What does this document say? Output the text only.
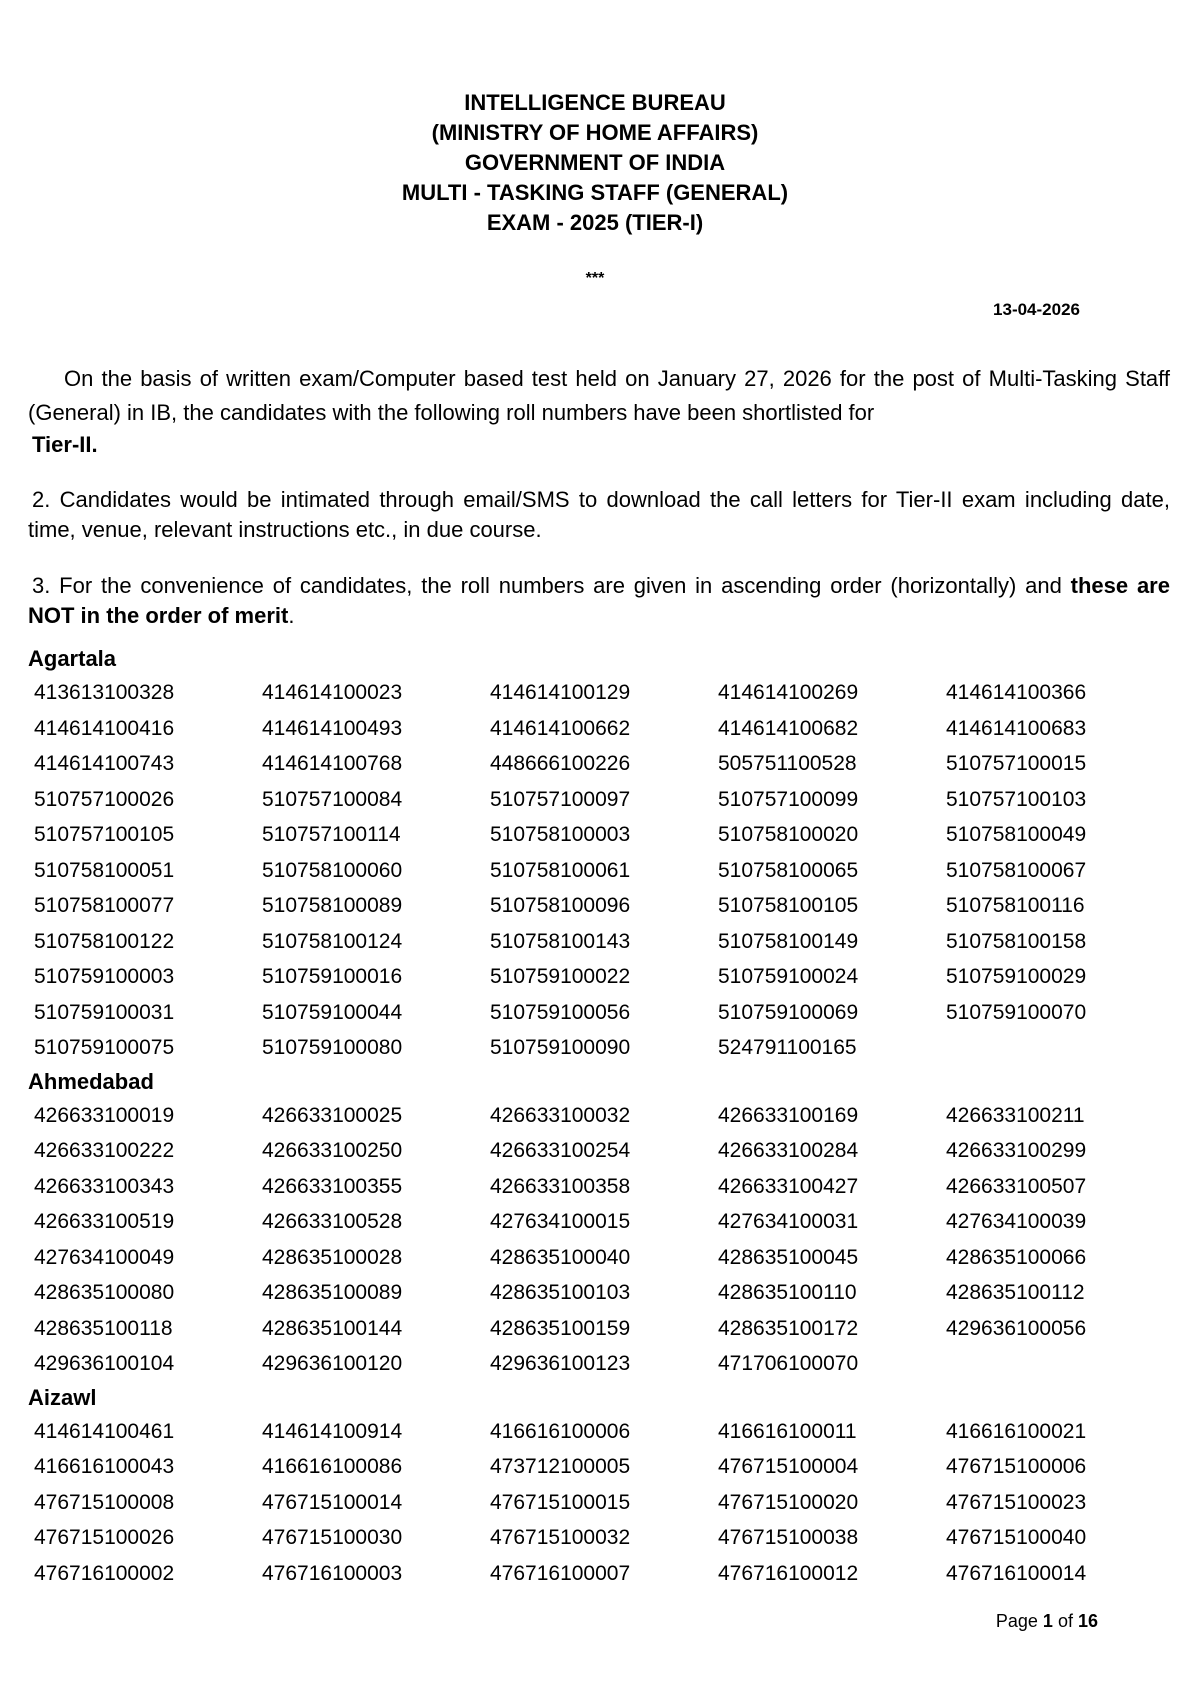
INTELLIGENCE BUREAU
(MINISTRY OF HOME AFFAIRS)
GOVERNMENT OF INDIA
MULTI - TASKING STAFF (GENERAL)
EXAM - 2025 (TIER-I)
***
13-04-2026
On the basis of written exam/Computer based test held on January 27, 2026 for the post of Multi-Tasking Staff (General) in IB, the candidates with the following roll numbers have been shortlisted for
Tier-II.
2. Candidates would be intimated through email/SMS to download the call letters for Tier-II exam including date, time, venue, relevant instructions etc., in due course.
3. For the convenience of candidates, the roll numbers are given in ascending order (horizontally) and these are NOT in the order of merit.
Agartala
413613100328	414614100023	414614100129	414614100269	414614100366
414614100416	414614100493	414614100662	414614100682	414614100683
414614100743	414614100768	448666100226	505751100528	510757100015
510757100026	510757100084	510757100097	510757100099	510757100103
510757100105	510757100114	510758100003	510758100020	510758100049
510758100051	510758100060	510758100061	510758100065	510758100067
510758100077	510758100089	510758100096	510758100105	510758100116
510758100122	510758100124	510758100143	510758100149	510758100158
510759100003	510759100016	510759100022	510759100024	510759100029
510759100031	510759100044	510759100056	510759100069	510759100070
510759100075	510759100080	510759100090	524791100165
Ahmedabad
426633100019	426633100025	426633100032	426633100169	426633100211
426633100222	426633100250	426633100254	426633100284	426633100299
426633100343	426633100355	426633100358	426633100427	426633100507
426633100519	426633100528	427634100015	427634100031	427634100039
427634100049	428635100028	428635100040	428635100045	428635100066
428635100080	428635100089	428635100103	428635100110	428635100112
428635100118	428635100144	428635100159	428635100172	429636100056
429636100104	429636100120	429636100123	471706100070
Aizawl
414614100461	414614100914	416616100006	416616100011	416616100021
416616100043	416616100086	473712100005	476715100004	476715100006
476715100008	476715100014	476715100015	476715100020	476715100023
476715100026	476715100030	476715100032	476715100038	476715100040
476716100002	476716100003	476716100007	476716100012	476716100014
Page 1 of 16
